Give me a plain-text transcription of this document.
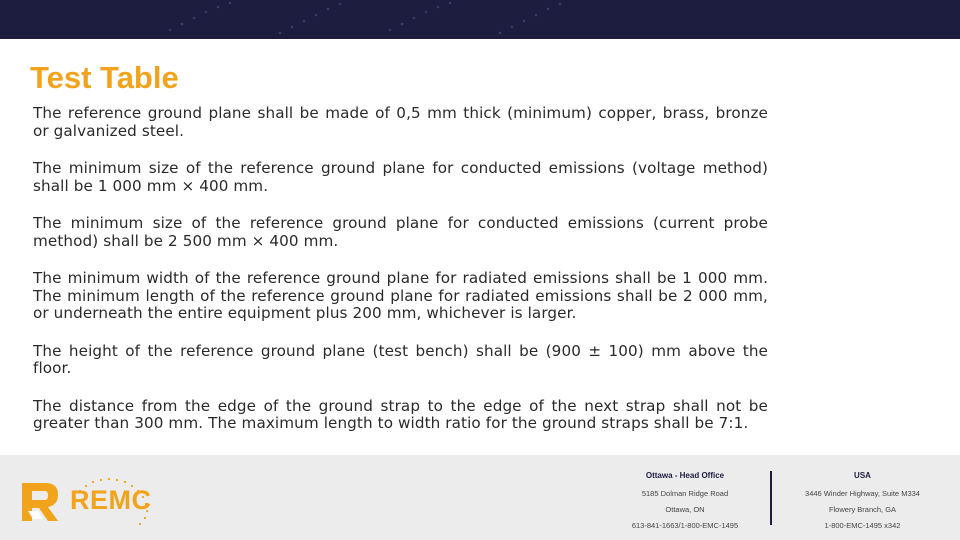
Test Table

The reference ground plane shall be made of 0,5 mm thick (minimum) copper, brass, bronze or galvanized steel.

The minimum size of the reference ground plane for conducted emissions (voltage method) shall be 1 000 mm × 400 mm.

The minimum size of the reference ground plane for conducted emissions (current probe method) shall be 2 500 mm × 400 mm.

The minimum width of the reference ground plane for radiated emissions shall be 1 000 mm. The minimum length of the reference ground plane for radiated emissions shall be 2 000 mm, or underneath the entire equipment plus 200 mm, whichever is larger.

The height of the reference ground plane (test bench) shall be (900 ± 100) mm above the floor.

The distance from the edge of the ground strap to the edge of the next strap shall not be greater than 300 mm. The maximum length to width ratio for the ground straps shall be 7:1.

REMC
Ottawa - Head Office
5185 Dolman Ridge Road
Ottawa, ON
613-841-1663/1-800-EMC-1495
USA
3446 Winder Highway, Suite M334
Flowery Branch, GA
1-800-EMC-1495 x342
